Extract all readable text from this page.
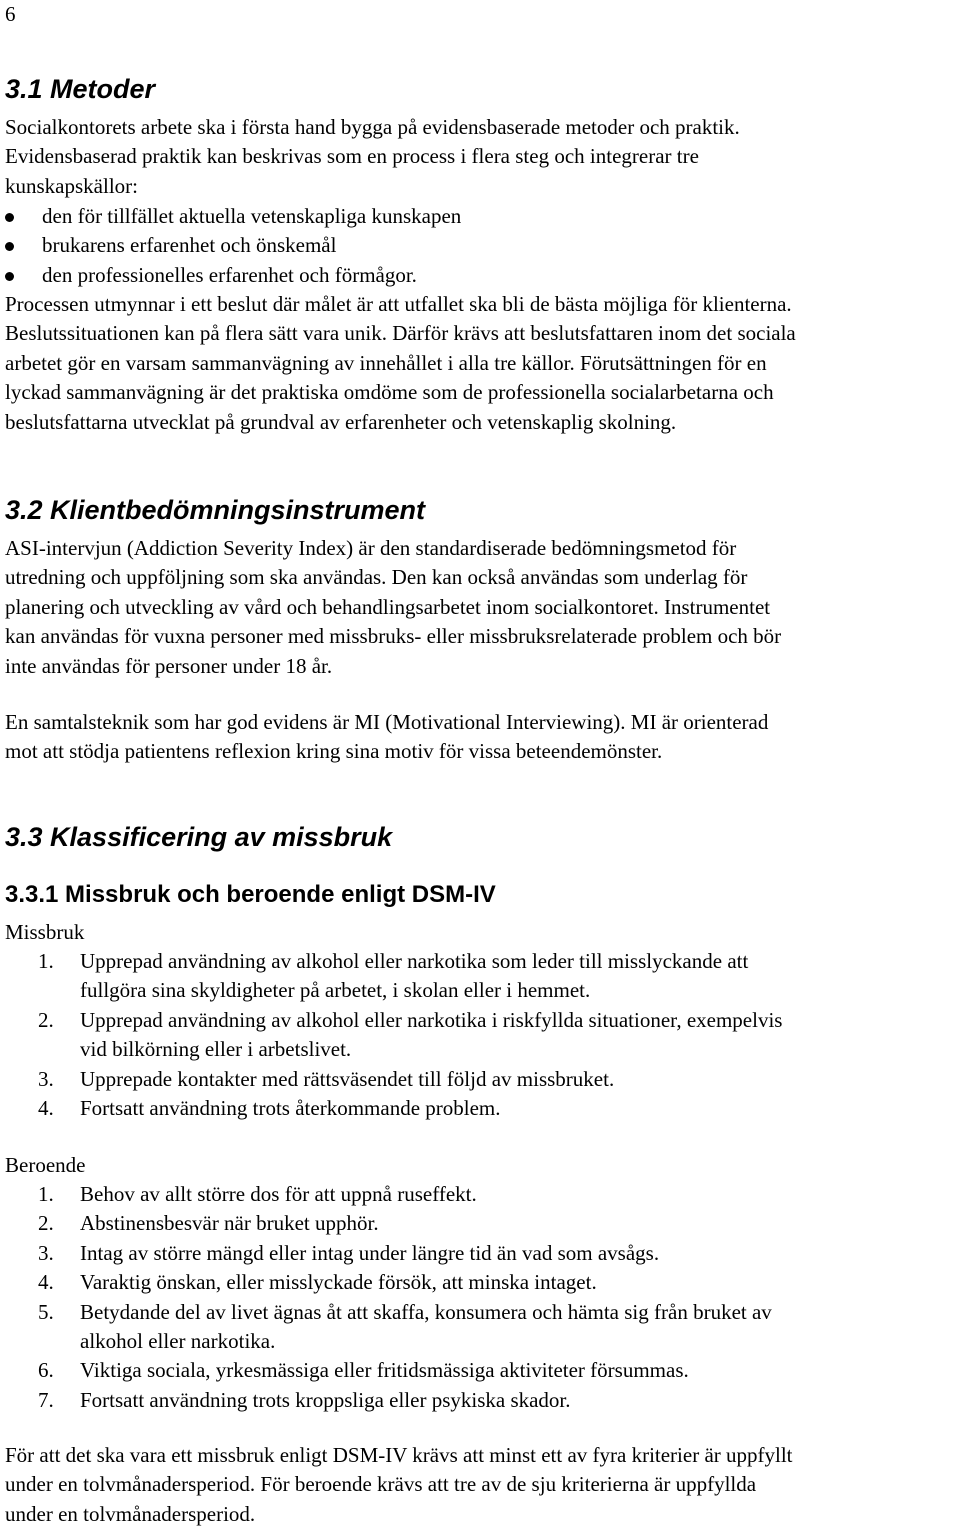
6
3.1 Metoder
Socialkontorets arbete ska i första hand bygga på evidensbaserade metoder och praktik.
Evidensbaserad praktik kan beskrivas som en process i flera steg och integrerar tre
kunskapskällor:
den för tillfället aktuella vetenskapliga kunskapen
brukarens erfarenhet och önskemål
den professionelles erfarenhet och förmågor.
Processen utmynnar i ett beslut där målet är att utfallet ska bli de bästa möjliga för klienterna.
Beslutssituationen kan på flera sätt vara unik. Därför krävs att beslutsfattaren inom det sociala
arbetet gör en varsam sammanvägning av innehållet i alla tre källor. Förutsättningen för en
lyckad sammanvägning är det praktiska omdöme som de professionella socialarbetarna och
beslutsfattarna utvecklat på grundval av erfarenheter och vetenskaplig skolning.
3.2 Klientbedömningsinstrument
ASI-intervjun (Addiction Severity Index) är den standardiserade bedömningsmetod för
utredning och uppföljning som ska användas. Den kan också användas som underlag för
planering och utveckling av vård och behandlingsarbetet inom socialkontoret. Instrumentet
kan användas för vuxna personer med missbruks- eller missbruksrelaterade problem och bör
inte användas för personer under 18 år.
En samtalsteknik som har god evidens är MI (Motivational Interviewing). MI är orienterad
mot att stödja patientens reflexion kring sina motiv för vissa beteendemönster.
3.3 Klassificering av missbruk
3.3.1 Missbruk och beroende enligt DSM-IV
Missbruk
1.	Upprepad användning av alkohol eller narkotika som leder till misslyckande att
fullgöra sina skyldigheter på arbetet, i skolan eller i hemmet.
2.	Upprepad användning av alkohol eller narkotika i riskfyllda situationer, exempelvis
vid bilkörning eller i arbetslivet.
3.	Upprepade kontakter med rättsväsendet till följd av missbruket.
4.	Fortsatt användning trots återkommande problem.
Beroende
1.	Behov av allt större dos för att uppnå ruseffekt.
2.	Abstinensbesvär när bruket upphör.
3.	Intag av större mängd eller intag under längre tid än vad som avsågs.
4.	Varaktig önskan, eller misslyckade försök, att minska intaget.
5.	Betydande del av livet ägnas åt att skaffa, konsumera och hämta sig från bruket av
alkohol eller narkotika.
6.	Viktiga sociala, yrkesmässiga eller fritidsmässiga aktiviteter försummas.
7.	Fortsatt användning trots kroppsliga eller psykiska skador.
För att det ska vara ett missbruk enligt DSM-IV krävs att minst ett av fyra kriterier är uppfyllt
under en tolvmånadersperiod. För beroende krävs att tre av de sju kriterierna är uppfyllda
under en tolvmånadersperiod.
